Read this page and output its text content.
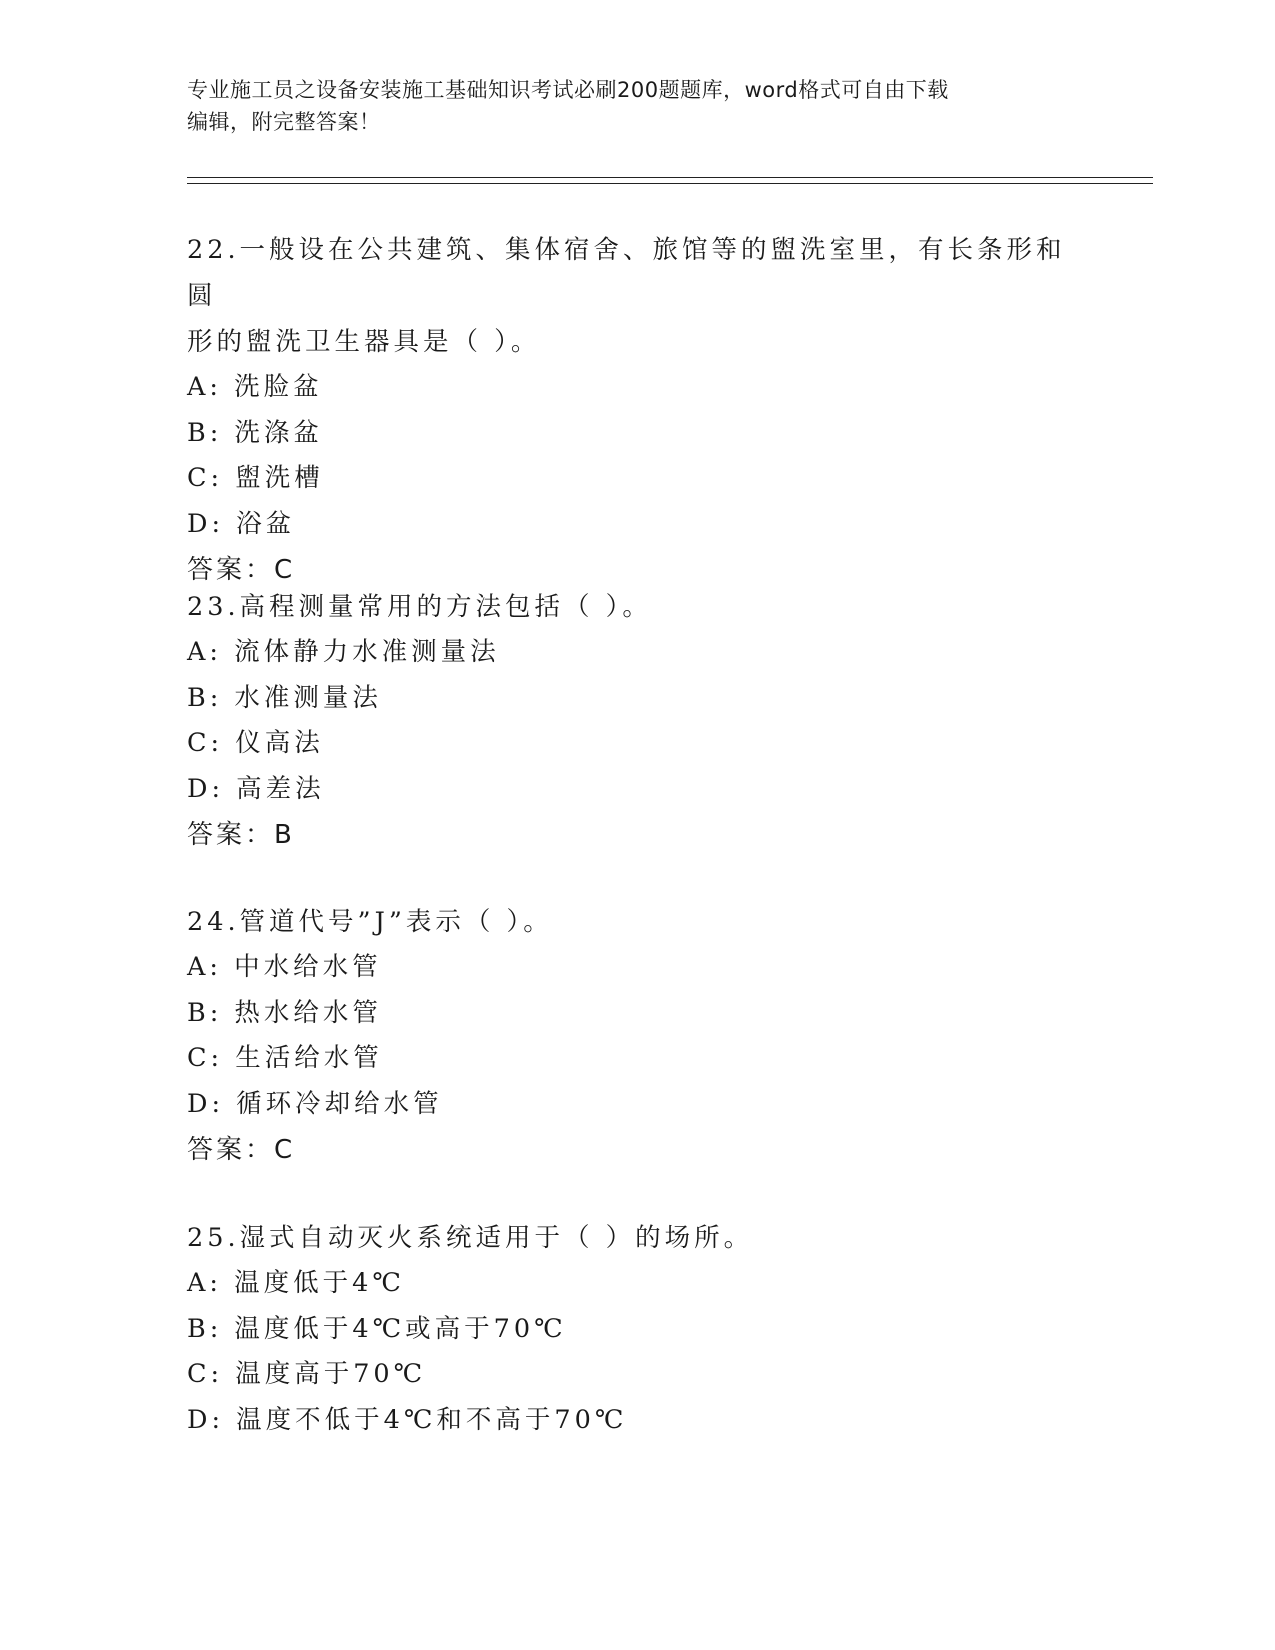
专业施工员之设备安装施工基础知识考试必刷200题题库，word格式可自由下载
编辑，附完整答案！

22.一般设在公共建筑、集体宿舍、旅馆等的盥洗室里，有长条形和圆

形的盥洗卫生器具是（ ）。

A: 洗脸盆

B: 洗涤盆

C: 盥洗槽

D: 浴盆

答案：C

23.高程测量常用的方法包括（ ）。

A: 流体静力水准测量法

B: 水准测量法

C: 仪高法

D: 高差法

答案：B

24.管道代号”J”表示（ ）。

A: 中水给水管

B: 热水给水管

C: 生活给水管

D: 循环冷却给水管

答案：C

25.湿式自动灭火系统适用于（ ）的场所。

A: 温度低于4℃

B: 温度低于4℃或高于70℃

C: 温度高于70℃

D: 温度不低于4℃和不高于70℃
